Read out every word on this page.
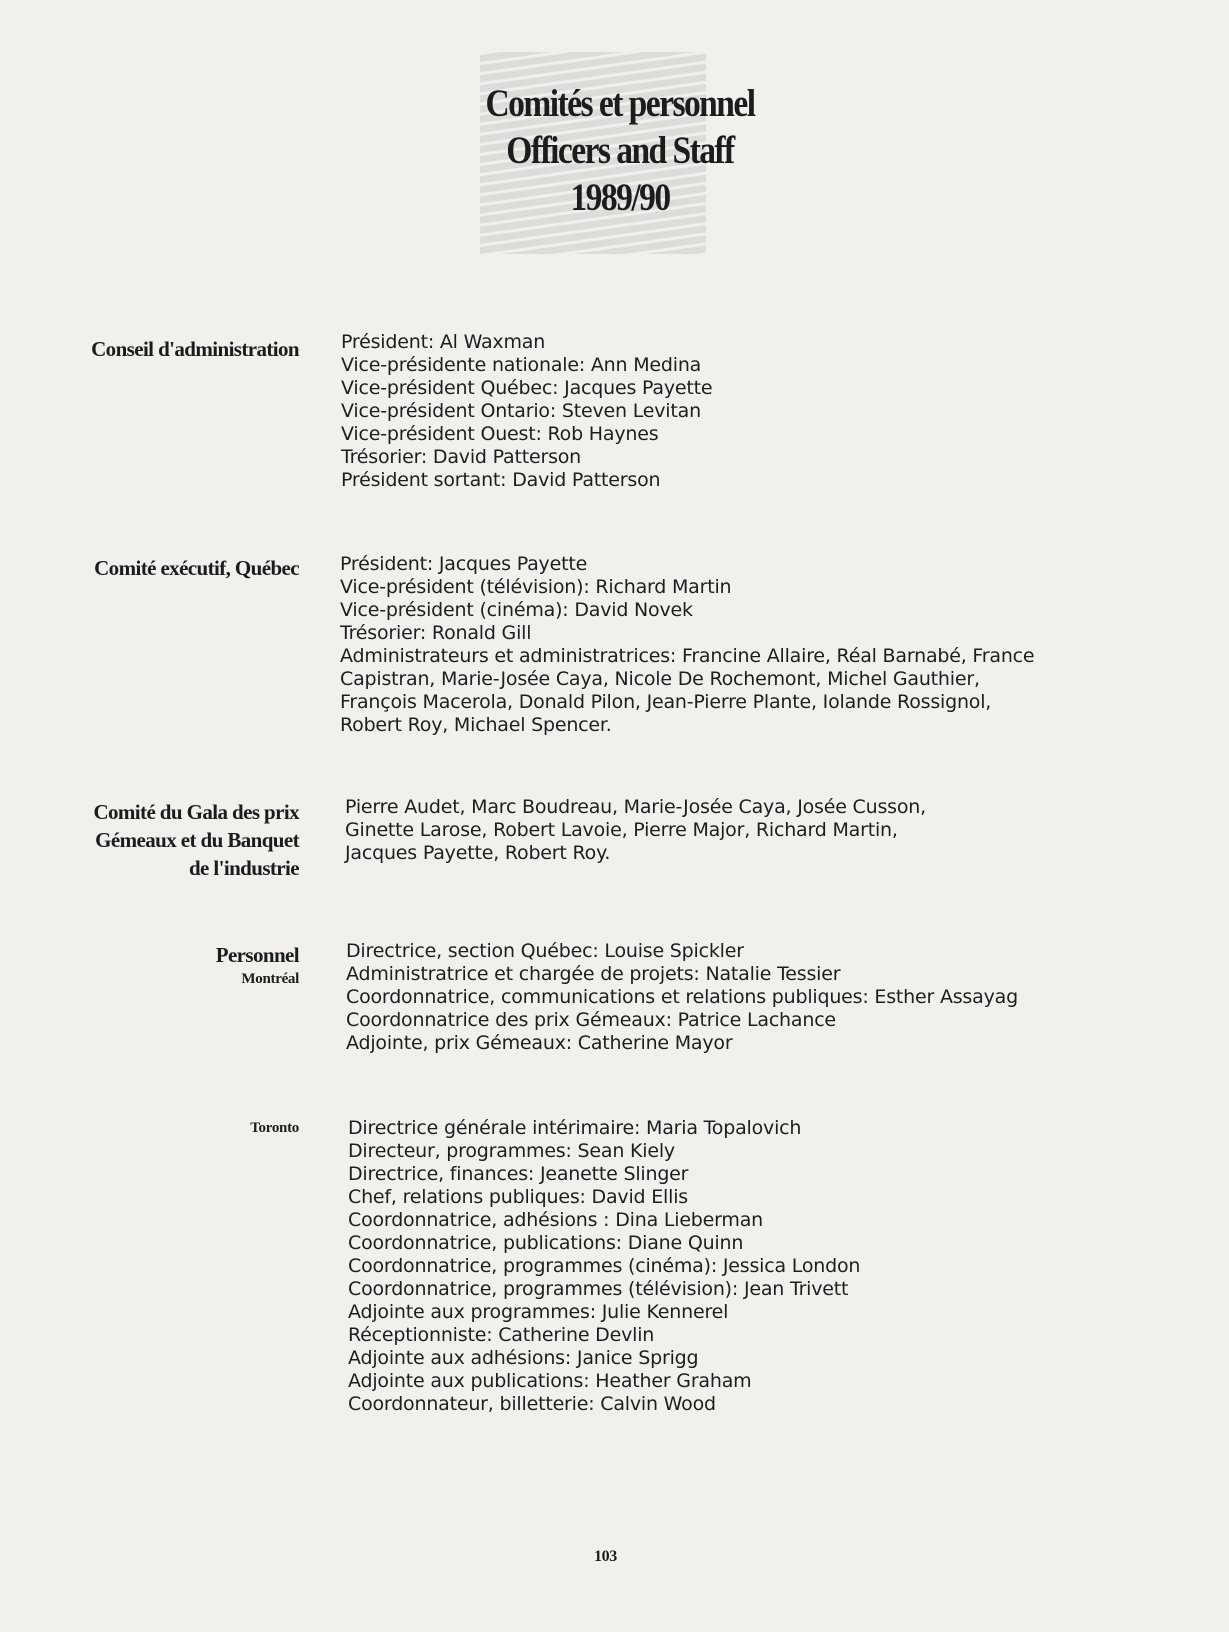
Comités et personnel
Officers and Staff
1989/90
Conseil d'administration Président: Al Waxman
Vice-présidente nationale: Ann Medina
Vice-président Québec: Jacques Payette
Vice-président Ontario: Steven Levitan
Vice-président Ouest: Rob Haynes
Trésorier: David Patterson
Président sortant: David Patterson
Comité exécutif, Québec Président: Jacques Payette
Vice-président (télévision): Richard Martin
Vice-président (cinéma): David Novek
Trésorier: Ronald Gill
Administrateurs et administratrices: Francine Allaire, Réal Barnabé, France
Capistran, Marie-Josée Caya, Nicole De Rochemont, Michel Gauthier,
François Macerola, Donald Pilon, Jean-Pierre Plante, Iolande Rossignol,
Robert Roy, Michael Spencer.
Comité du Gala des prix
Gémeaux et du Banquet
de l'industrie
Pierre Audet, Marc Boudreau, Marie-Josée Caya, Josée Cusson,
Ginette Larose, Robert Lavoie, Pierre Major, Richard Martin,
Jacques Payette, Robert Roy.
Personnel
Montréal
Directrice, section Québec: Louise Spickler
Administratrice et chargée de projets: Natalie Tessier
Coordonnatrice, communications et relations publiques: Esther Assayag
Coordonnatrice des prix Gémeaux: Patrice Lachance
Adjointe, prix Gémeaux: Catherine Mayor
Toronto	Directrice générale intérimaire: Maria Topalovich
Directeur, programmes: Sean Kiely
Directrice, finances: Jeanette Slinger
Chef, relations publiques: David Ellis
Coordonnatrice, adhésions : Dina Lieberman
Coordonnatrice, publications: Diane Quinn
Coordonnatrice, programmes (cinéma): Jessica London
Coordonnatrice, programmes (télévision): Jean Trivett
Adjointe aux programmes: Julie Kennerel
Réceptionniste: Catherine Devlin
Adjointe aux adhésions: Janice Sprigg
Adjointe aux publications: Heather Graham
Coordonnateur, billetterie: Calvin Wood
103
